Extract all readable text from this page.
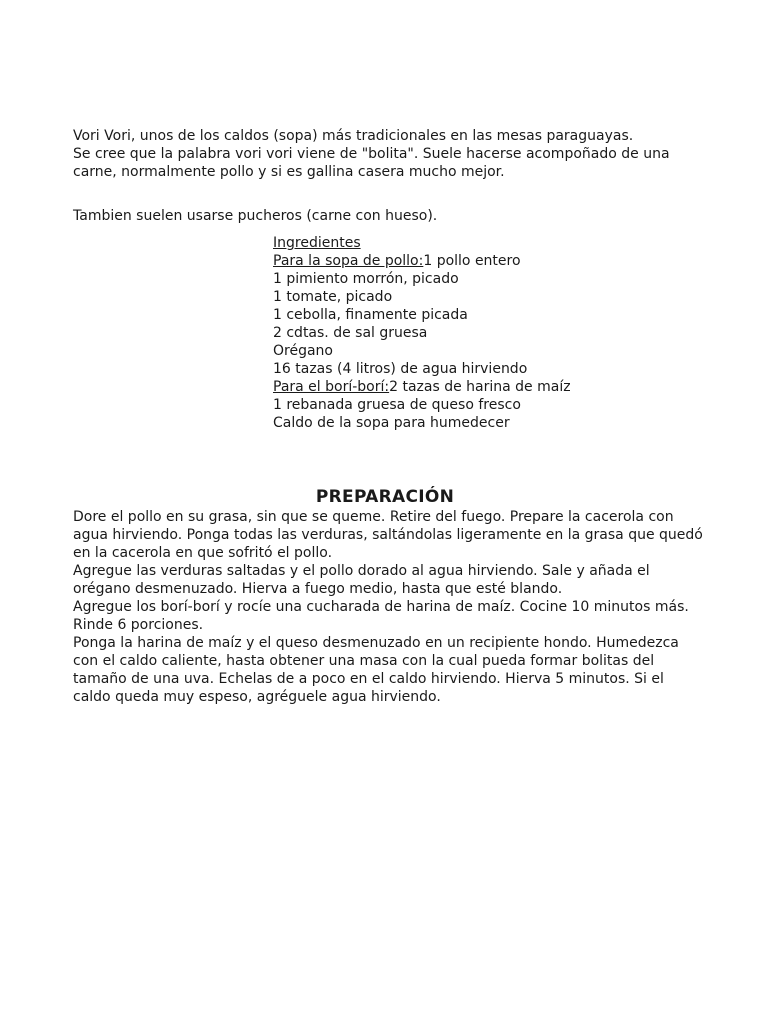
Vori Vori, unos de los caldos (sopa) más tradicionales en las mesas paraguayas.
Se cree que la palabra vori vori viene de "bolita". Suele hacerse acompoñado de una
carne, normalmente pollo y si es gallina casera mucho mejor.
Tambien suelen usarse pucheros (carne con hueso).
Ingredientes
Para la sopa de pollo:1 pollo entero
1 pimiento morrón, picado
1 tomate, picado
1 cebolla, finamente picada
2 cdtas. de sal gruesa
Orégano
16 tazas (4 litros) de agua hirviendo
Para el borí-borí:2 tazas de harina de maíz
1 rebanada gruesa de queso fresco
Caldo de la sopa para humedecer
PREPARACIÓN
Dore el pollo en su grasa, sin que se queme. Retire del fuego. Prepare la cacerola con
agua hirviendo. Ponga todas las verduras, saltándolas ligeramente en la grasa que quedó
en la cacerola en que sofritó el pollo.
Agregue las verduras saltadas y el pollo dorado al agua hirviendo. Sale y añada el
orégano desmenuzado. Hierva a fuego medio, hasta que esté blando.
Agregue los borí-borí y rocíe una cucharada de harina de maíz. Cocine 10 minutos más.
Rinde 6 porciones.
Ponga la harina de maíz y el queso desmenuzado en un recipiente hondo. Humedezca
con el caldo caliente, hasta obtener una masa con la cual pueda formar bolitas del
tamaño de una uva. Echelas de a poco en el caldo hirviendo. Hierva 5 minutos. Si el
caldo queda muy espeso, agréguele agua hirviendo.
